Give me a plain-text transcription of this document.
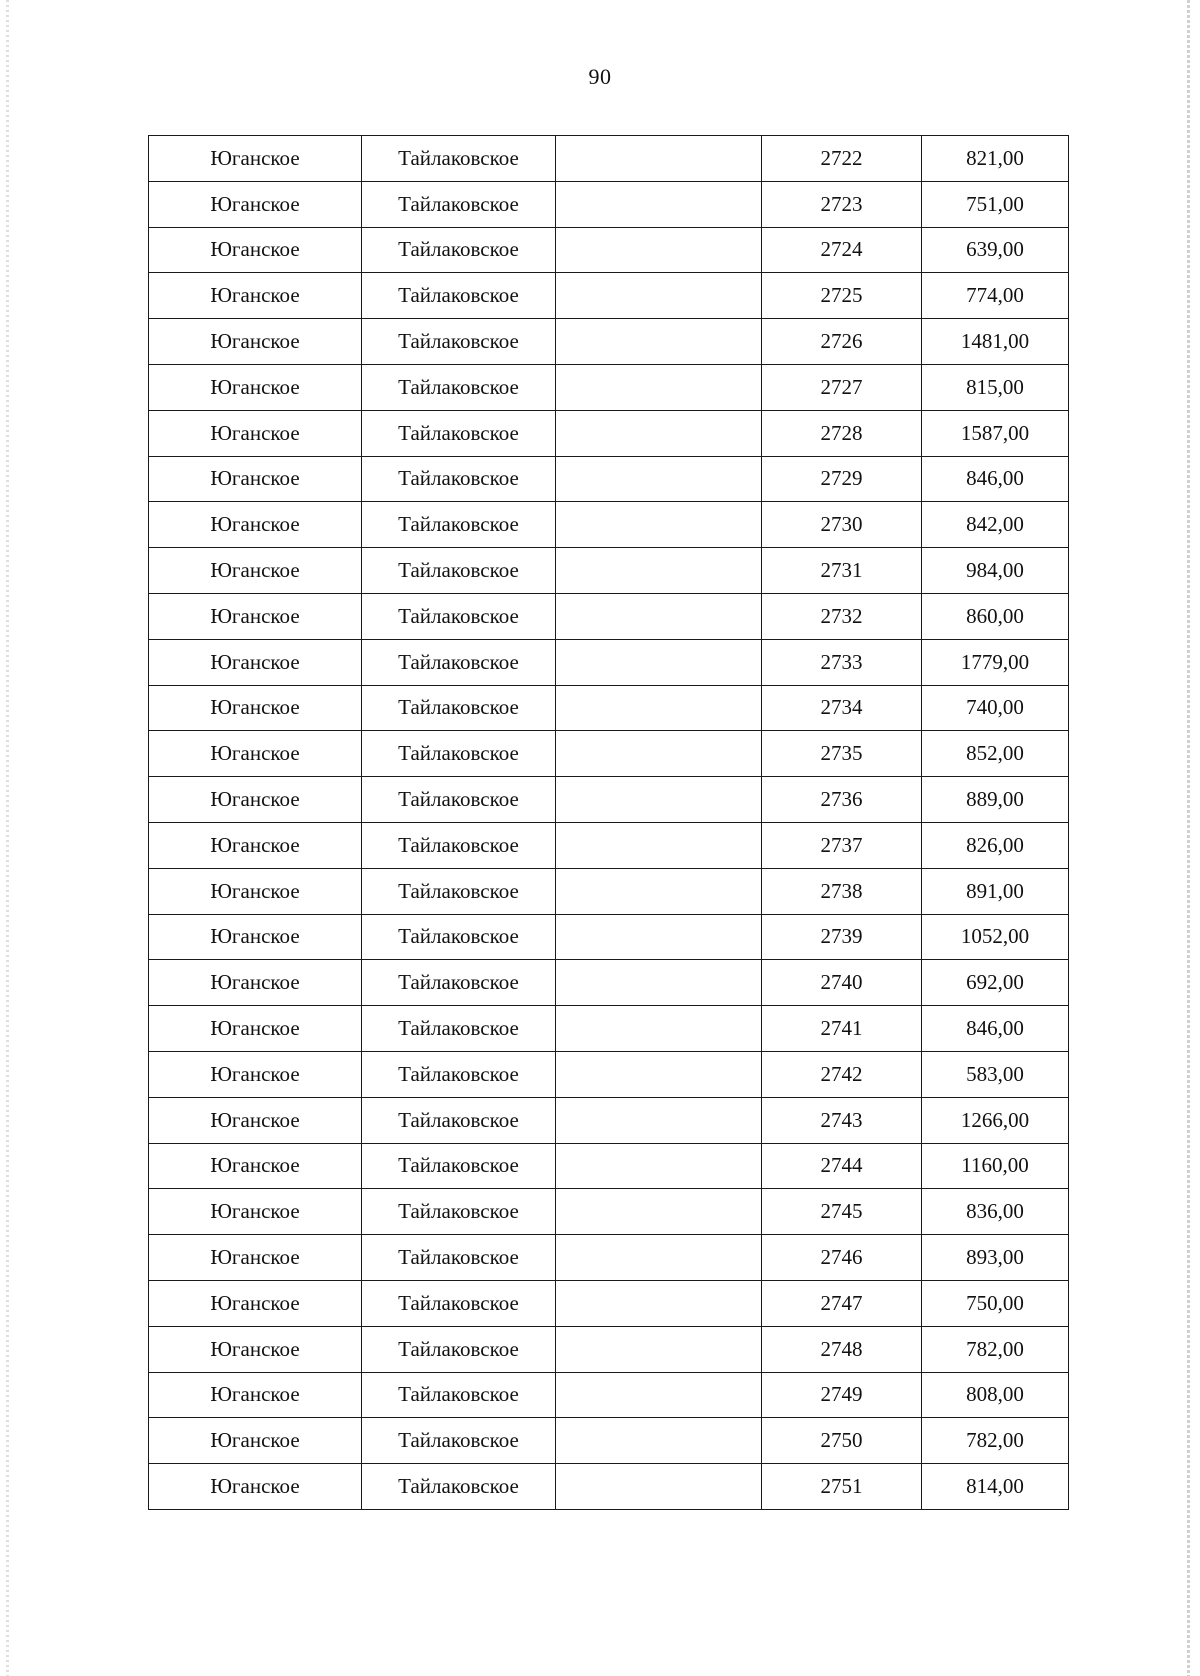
90
Юганское	Тайлаковское		2722	821,00
Юганское	Тайлаковское		2723	751,00
Юганское	Тайлаковское		2724	639,00
Юганское	Тайлаковское		2725	774,00
Юганское	Тайлаковское		2726	1481,00
Юганское	Тайлаковское		2727	815,00
Юганское	Тайлаковское		2728	1587,00
Юганское	Тайлаковское		2729	846,00
Юганское	Тайлаковское		2730	842,00
Юганское	Тайлаковское		2731	984,00
Юганское	Тайлаковское		2732	860,00
Юганское	Тайлаковское		2733	1779,00
Юганское	Тайлаковское		2734	740,00
Юганское	Тайлаковское		2735	852,00
Юганское	Тайлаковское		2736	889,00
Юганское	Тайлаковское		2737	826,00
Юганское	Тайлаковское		2738	891,00
Юганское	Тайлаковское		2739	1052,00
Юганское	Тайлаковское		2740	692,00
Юганское	Тайлаковское		2741	846,00
Юганское	Тайлаковское		2742	583,00
Юганское	Тайлаковское		2743	1266,00
Юганское	Тайлаковское		2744	1160,00
Юганское	Тайлаковское		2745	836,00
Юганское	Тайлаковское		2746	893,00
Юганское	Тайлаковское		2747	750,00
Юганское	Тайлаковское		2748	782,00
Юганское	Тайлаковское		2749	808,00
Юганское	Тайлаковское		2750	782,00
Юганское	Тайлаковское		2751	814,00
